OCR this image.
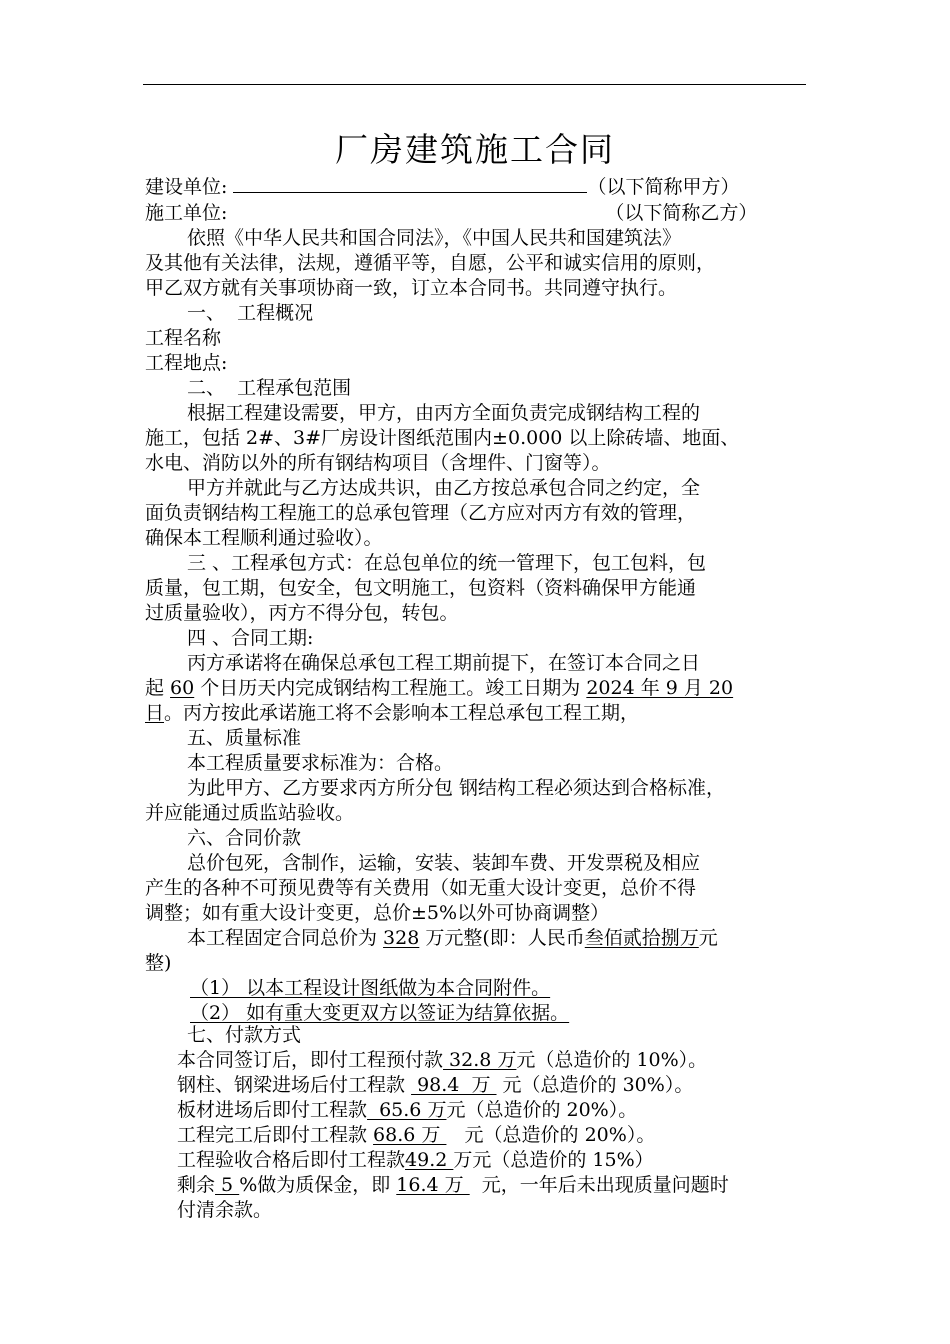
厂房建筑施工合同
建设单位:	（以下简称甲方）
施工单位:	（以下简称乙方）
依照《中华人民共和国合同法》，《中国人民共和国建筑法》
及其他有关法律，法规，遵循平等，自愿，公平和诚实信用的原则，
甲乙双方就有关事项协商一致，订立本合同书。共同遵守执行。
一、  工程概况
工程名称
工程地点:
二、  工程承包范围
根据工程建设需要，甲方，由丙方全面负责完成钢结构工程的
施工，包括 2#、3#厂房设计图纸范围内±0.000 以上除砖墙、地面、
水电、消防以外的所有钢结构项目（含埋件、门窗等）。
甲方并就此与乙方达成共识，由乙方按总承包合同之约定，全
面负责钢结构工程施工的总承包管理（乙方应对丙方有效的管理，
确保本工程顺利通过验收）。
三 、工程承包方式：在总包单位的统一管理下，包工包料，包
质量，包工期，包安全，包文明施工，包资料（资料确保甲方能通
过质量验收），丙方不得分包，转包。
四 、合同工期:
丙方承诺将在确保总承包工程工期前提下，在签订本合同之日
起 60 个日历天内完成钢结构工程施工。竣工日期为 2024 年 9 月 20
日。丙方按此承诺施工将不会影响本工程总承包工程工期，
五、质量标准
本工程质量要求标准为：合格。
为此甲方、乙方要求丙方所分包 钢结构工程必须达到合格标准，
并应能通过质监站验收。
六、合同价款
总价包死，含制作，运输，安装、装卸车费、开发票税及相应
产生的各种不可预见费等有关费用（如无重大设计变更，总价不得
调整；如有重大设计变更，总价±5%以外可协商调整）
本工程固定合同总价为 328 万元整(即：人民币叁佰贰拾捌万元
整)
（1） 以本工程设计图纸做为本合同附件。
（2） 如有重大变更双方以签证为结算依据。
七、付款方式
本合同签订后，即付工程预付款 32.8 万元（总造价的 10%）。
钢柱、钢梁进场后付工程款  98.4  万  元（总造价的 30%）。
板材进场后即付工程款  65.6 万元（总造价的 20%）。
工程完工后即付工程款 68.6 万    元（总造价的 20%）。
工程验收合格后即付工程款49.2 万元（总造价的 15%）
剩余 5 %做为质保金，即 16.4 万   元，一年后未出现质量问题时
付清余款。
